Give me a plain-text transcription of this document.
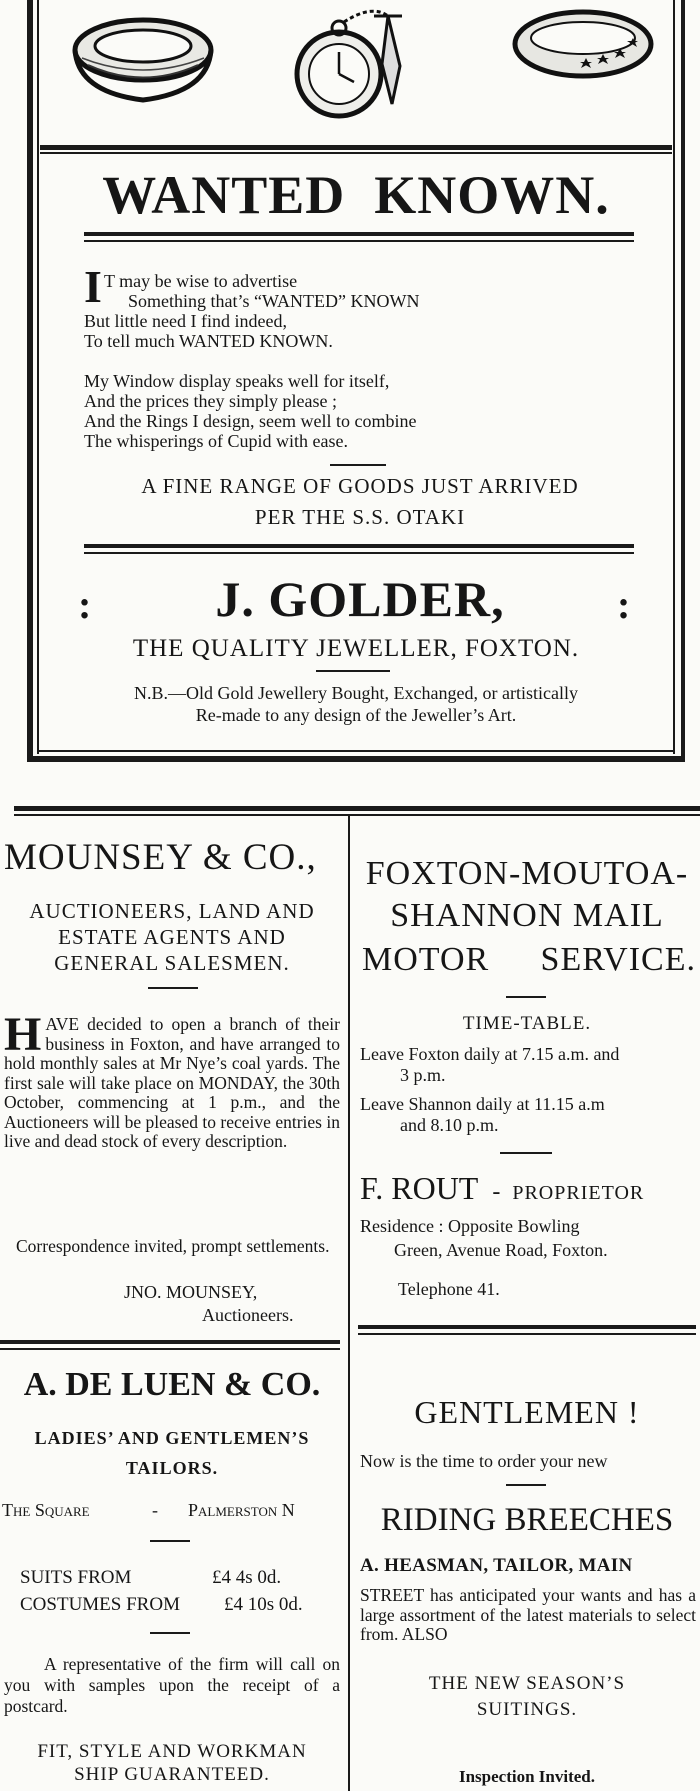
WANTED  KNOWN.
I T may be wise to advertise
Something that’s “WANTED” KNOWN
But little need I find indeed,
To tell much WANTED KNOWN.
My Window display speaks well for itself,
And the prices they simply please ;
And the Rings I design, seem well to combine
The whisperings of Cupid with ease.
A FINE RANGE OF GOODS JUST ARRIVED
PER THE S.S. OTAKI
:	:
J. GOLDER,
THE QUALITY JEWELLER, FOXTON.
N.B.—Old Gold Jewellery Bought, Exchanged, or artistically
Re-made to any design of the Jeweller’s Art.
MOUNSEY & CO.,
AUCTIONEERS, LAND AND
ESTATE AGENTS AND
GENERAL SALESMEN.

HAVE decided to open a branch of their business in Foxton, and have arranged to hold monthly sales at Mr Nye’s coal yards. The first sale will take place on MONDAY, the 30th October, commencing at 1 p.m., and the Auctioneers will be pleased to receive entries in live and dead stock of every description.

Correspondence invited, prompt settlements.
JNO. MOUNSEY,
Auctioneers.
A. DE LUEN & CO.
LADIES’ AND GENTLEMEN’S
TAILORS.
The Square	- Palmerston N
SUITS FROM	£4 4s 0d.
COSTUMES FROM £4 10s 0d.
A representative of the firm will call on you with samples upon the receipt of a postcard.
FIT, STYLE AND WORKMAN
SHIP GUARANTEED.
FOXTON-MOUTOA-
SHANNON MAIL
MOTOR SERVICE.
TIME-TABLE.
Leave Foxton daily at 7.15 a.m. and
3 p.m.
Leave Shannon daily at 11.15 a.m
and 8.10 p.m.
F. ROUT - PROPRIETOR
Residence : Opposite Bowling
Green, Avenue Road, Foxton.
Telephone 41.
GENTLEMEN !
Now is the time to order your new
RIDING BREECHES
A. HEASMAN, TAILOR, MAIN
STREET has anticipated your wants and has a large assortment of the latest materials to select from. ALSO
THE NEW SEASON’S
SUITINGS.
Inspection Invited.
